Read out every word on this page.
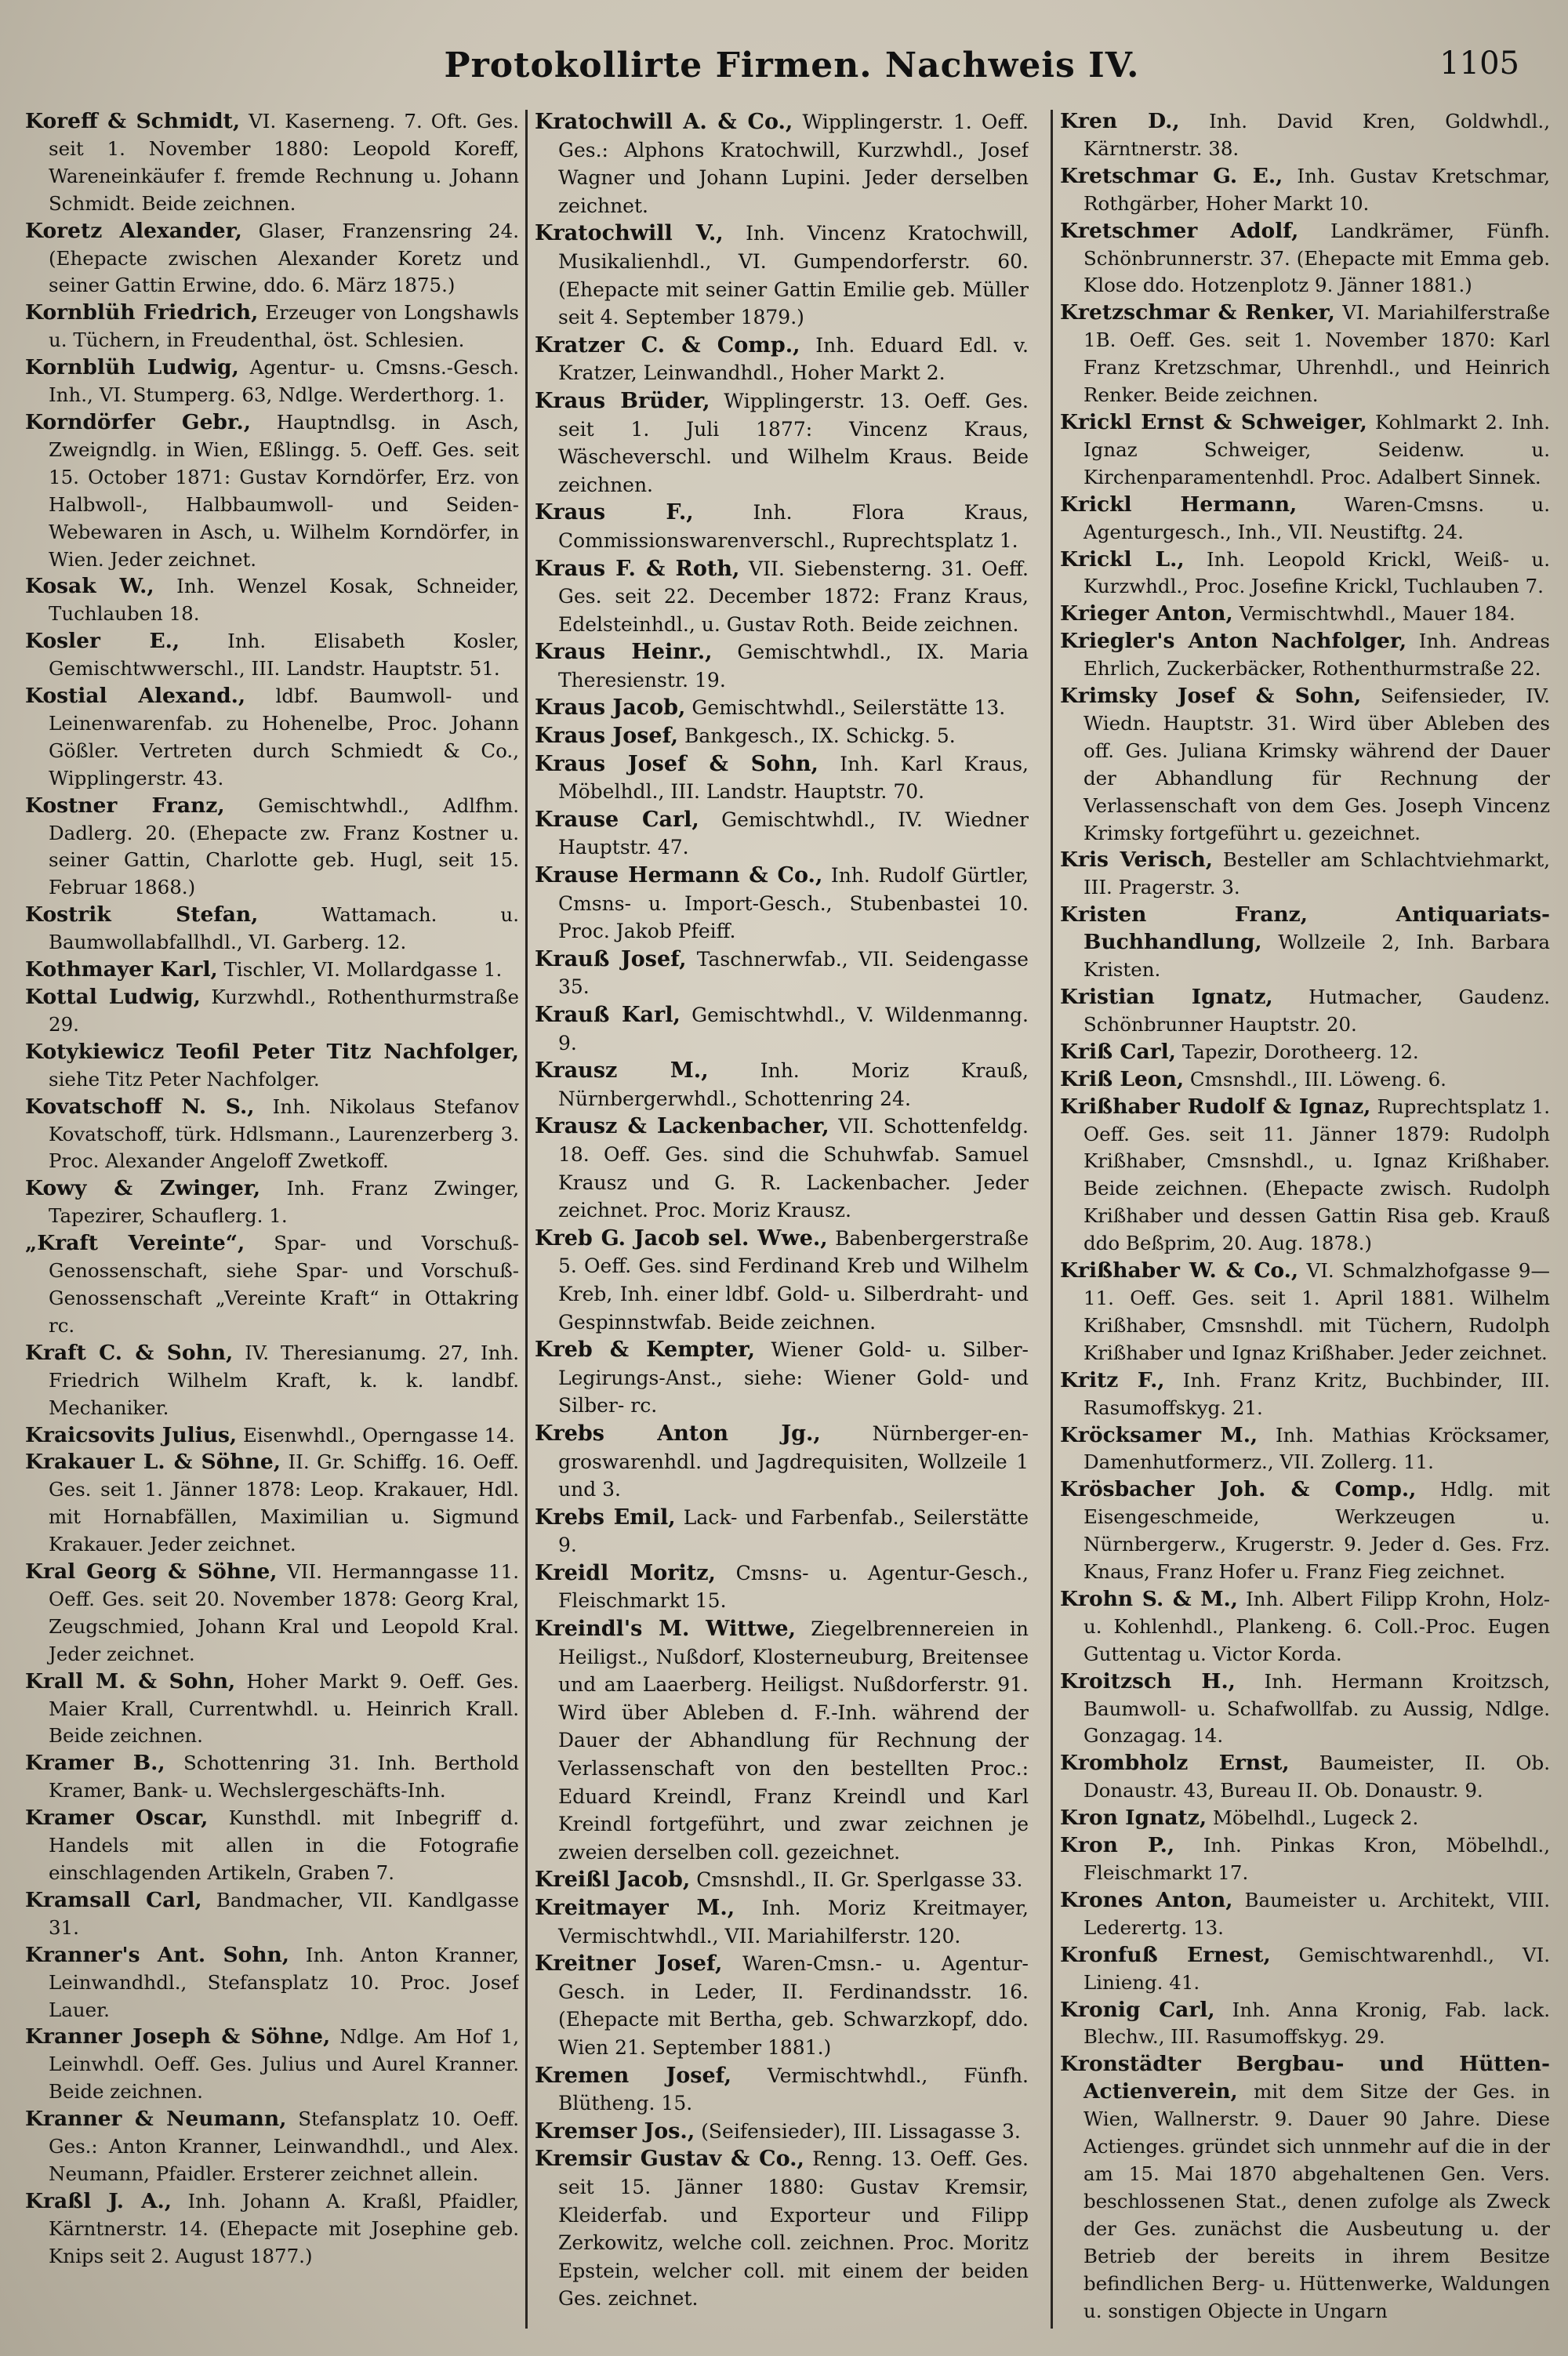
Protokollirte Firmen. Nachweis IV.	1105

Koreff & Schmidt, VI. Kaserneng. 7. Oft. Ges. seit 1. November 1880: Leopold Koreff, Wareneinkäufer f. fremde Rechnung u. Johann Schmidt. Beide zeichnen.

Koretz Alexander, Glaser, Franzensring 24. (Ehepacte zwischen Alexander Koretz und seiner Gattin Erwine, ddo. 6. März 1875.)

Kornblüh Friedrich, Erzeuger von Longshawls u. Tüchern, in Freudenthal, öst. Schlesien.

Kornblüh Ludwig, Agentur- u. Cmsns.-Gesch. Inh., VI. Stumperg. 63, Ndlge. Werderthorg. 1.

Korndörfer Gebr., Hauptndlsg. in Asch, Zweigndlg. in Wien, Eßlingg. 5. Oeff. Ges. seit 15. October 1871: Gustav Korndörfer, Erz. von Halbwoll-, Halbbaumwoll- und Seiden-Webewaren in Asch, u. Wilhelm Korndörfer, in Wien. Jeder zeichnet.

Kosak W., Inh. Wenzel Kosak, Schneider, Tuchlauben 18.

Kosler E., Inh. Elisabeth Kosler, Gemischtwwerschl., III. Landstr. Hauptstr. 51.

Kostial Alexand., ldbf. Baumwoll- und Leinenwarenfab. zu Hohenelbe, Proc. Johann Gößler. Vertreten durch Schmiedt & Co., Wipplingerstr. 43.

Kostner Franz, Gemischtwhdl., Adlfhm. Dadlerg. 20. (Ehepacte zw. Franz Kostner u. seiner Gattin, Charlotte geb. Hugl, seit 15. Februar 1868.)

Kostrik Stefan, Wattamach. u. Baumwollabfallhdl., VI. Garberg. 12.

Kothmayer Karl, Tischler, VI. Mollardgasse 1.

Kottal Ludwig, Kurzwhdl., Rothenthurmstraße 29.

Kotykiewicz Teofil Peter Titz Nachfolger, siehe Titz Peter Nachfolger.

Kovatschoff N. S., Inh. Nikolaus Stefanov Kovatschoff, türk. Hdlsmann., Laurenzerberg 3. Proc. Alexander Angeloff Zwetkoff.

Kowy & Zwinger, Inh. Franz Zwinger, Tapezirer, Schauflerg. 1.

„Kraft Vereinte“, Spar- und Vorschuß-Genossenschaft, siehe Spar- und Vorschuß-Genossenschaft „Vereinte Kraft“ in Ottakring rc.

Kraft C. & Sohn, IV. Theresianumg. 27, Inh. Friedrich Wilhelm Kraft, k. k. landbf. Mechaniker.

Kraicsovits Julius, Eisenwhdl., Operngasse 14.

Krakauer L. & Söhne, II. Gr. Schiffg. 16. Oeff. Ges. seit 1. Jänner 1878: Leop. Krakauer, Hdl. mit Hornabfällen, Maximilian u. Sigmund Krakauer. Jeder zeichnet.

Kral Georg & Söhne, VII. Hermanngasse 11. Oeff. Ges. seit 20. November 1878: Georg Kral, Zeugschmied, Johann Kral und Leopold Kral. Jeder zeichnet.

Krall M. & Sohn, Hoher Markt 9. Oeff. Ges. Maier Krall, Currentwhdl. u. Heinrich Krall. Beide zeichnen.

Kramer B., Schottenring 31. Inh. Berthold Kramer, Bank- u. Wechslergeschäfts-Inh.

Kramer Oscar, Kunsthdl. mit Inbegriff d. Handels mit allen in die Fotografie einschlagenden Artikeln, Graben 7.

Kramsall Carl, Bandmacher, VII. Kandlgasse 31.

Kranner's Ant. Sohn, Inh. Anton Kranner, Leinwandhdl., Stefansplatz 10. Proc. Josef Lauer.

Kranner Joseph & Söhne, Ndlge. Am Hof 1, Leinwhdl. Oeff. Ges. Julius und Aurel Kranner. Beide zeichnen.

Kranner & Neumann, Stefansplatz 10. Oeff. Ges.: Anton Kranner, Leinwandhdl., und Alex. Neumann, Pfaidler. Ersterer zeichnet allein.

Kraßl J. A., Inh. Johann A. Kraßl, Pfaidler, Kärntnerstr. 14. (Ehepacte mit Josephine geb. Knips seit 2. August 1877.)

Kratochwill A. & Co., Wipplingerstr. 1. Oeff. Ges.: Alphons Kratochwill, Kurzwhdl., Josef Wagner und Johann Lupini. Jeder derselben zeichnet.

Kratochwill V., Inh. Vincenz Kratochwill, Musikalienhdl., VI. Gumpendorferstr. 60. (Ehepacte mit seiner Gattin Emilie geb. Müller seit 4. September 1879.)

Kratzer C. & Comp., Inh. Eduard Edl. v. Kratzer, Leinwandhdl., Hoher Markt 2.

Kraus Brüder, Wipplingerstr. 13. Oeff. Ges. seit 1. Juli 1877: Vincenz Kraus, Wäscheverschl. und Wilhelm Kraus. Beide zeichnen.

Kraus F., Inh. Flora Kraus, Commissionswarenverschl., Ruprechtsplatz 1.

Kraus F. & Roth, VII. Siebensterng. 31. Oeff. Ges. seit 22. December 1872: Franz Kraus, Edelsteinhdl., u. Gustav Roth. Beide zeichnen.

Kraus Heinr., Gemischtwhdl., IX. Maria Theresienstr. 19.

Kraus Jacob, Gemischtwhdl., Seilerstätte 13.

Kraus Josef, Bankgesch., IX. Schickg. 5.

Kraus Josef & Sohn, Inh. Karl Kraus, Möbelhdl., III. Landstr. Hauptstr. 70.

Krause Carl, Gemischtwhdl., IV. Wiedner Hauptstr. 47.

Krause Hermann & Co., Inh. Rudolf Gürtler, Cmsns- u. Import-Gesch., Stubenbastei 10. Proc. Jakob Pfeiff.

Krauß Josef, Taschnerwfab., VII. Seidengasse 35.

Krauß Karl, Gemischtwhdl., V. Wildenmanng. 9.

Krausz M., Inh. Moriz Krauß, Nürnbergerwhdl., Schottenring 24.

Krausz & Lackenbacher, VII. Schottenfeldg. 18. Oeff. Ges. sind die Schuhwfab. Samuel Krausz und G. R. Lackenbacher. Jeder zeichnet. Proc. Moriz Krausz.

Kreb G. Jacob sel. Wwe., Babenbergerstraße 5. Oeff. Ges. sind Ferdinand Kreb und Wilhelm Kreb, Inh. einer ldbf. Gold- u. Silberdraht- und Gespinnstwfab. Beide zeichnen.

Kreb & Kempter, Wiener Gold- u. Silber-Legirungs-Anst., siehe: Wiener Gold- und Silber- rc.

Krebs Anton Jg., Nürnberger-en-groswarenhdl. und Jagdrequisiten, Wollzeile 1 und 3.

Krebs Emil, Lack- und Farbenfab., Seilerstätte 9.

Kreidl Moritz, Cmsns- u. Agentur-Gesch., Fleischmarkt 15.

Kreindl's M. Wittwe, Ziegelbrennereien in Heiligst., Nußdorf, Klosterneuburg, Breitensee und am Laaerberg. Heiligst. Nußdorferstr. 91. Wird über Ableben d. F.-Inh. während der Dauer der Abhandlung für Rechnung der Verlassenschaft von den bestellten Proc.: Eduard Kreindl, Franz Kreindl und Karl Kreindl fortgeführt, und zwar zeichnen je zweien derselben coll. gezeichnet.

Kreißl Jacob, Cmsnshdl., II. Gr. Sperlgasse 33.

Kreitmayer M., Inh. Moriz Kreitmayer, Vermischtwhdl., VII. Mariahilferstr. 120.

Kreitner Josef, Waren-Cmsn.- u. Agentur-Gesch. in Leder, II. Ferdinandsstr. 16. (Ehepacte mit Bertha, geb. Schwarzkopf, ddo. Wien 21. September 1881.)

Kremen Josef, Vermischtwhdl., Fünfh. Blütheng. 15.

Kremser Jos., (Seifensieder), III. Lissagasse 3.

Kremsir Gustav & Co., Renng. 13. Oeff. Ges. seit 15. Jänner 1880: Gustav Kremsir, Kleiderfab. und Exporteur und Filipp Zerkowitz, welche coll. zeichnen. Proc. Moritz Epstein, welcher coll. mit einem der beiden Ges. zeichnet.

Kren D., Inh. David Kren, Goldwhdl., Kärntnerstr. 38.

Kretschmar G. E., Inh. Gustav Kretschmar, Rothgärber, Hoher Markt 10.

Kretschmer Adolf, Landkrämer, Fünfh. Schönbrunnerstr. 37. (Ehepacte mit Emma geb. Klose ddo. Hotzenplotz 9. Jänner 1881.)

Kretzschmar & Renker, VI. Mariahilferstraße 1B. Oeff. Ges. seit 1. November 1870: Karl Franz Kretzschmar, Uhrenhdl., und Heinrich Renker. Beide zeichnen.

Krickl Ernst & Schweiger, Kohlmarkt 2. Inh. Ignaz Schweiger, Seidenw. u. Kirchenparamentenhdl. Proc. Adalbert Sinnek.

Krickl Hermann, Waren-Cmsns. u. Agenturgesch., Inh., VII. Neustiftg. 24.

Krickl L., Inh. Leopold Krickl, Weiß- u. Kurzwhdl., Proc. Josefine Krickl, Tuchlauben 7.

Krieger Anton, Vermischtwhdl., Mauer 184.

Kriegler's Anton Nachfolger, Inh. Andreas Ehrlich, Zuckerbäcker, Rothenthurmstraße 22.

Krimsky Josef & Sohn, Seifensieder, IV. Wiedn. Hauptstr. 31. Wird über Ableben des off. Ges. Juliana Krimsky während der Dauer der Abhandlung für Rechnung der Verlassenschaft von dem Ges. Joseph Vincenz Krimsky fortgeführt u. gezeichnet.

Kris Verisch, Besteller am Schlachtviehmarkt, III. Pragerstr. 3.

Kristen Franz, Antiquariats-Buchhandlung, Wollzeile 2, Inh. Barbara Kristen.

Kristian Ignatz, Hutmacher, Gaudenz. Schönbrunner Hauptstr. 20.

Kriß Carl, Tapezir, Dorotheerg. 12.

Kriß Leon, Cmsnshdl., III. Löweng. 6.

Krißhaber Rudolf & Ignaz, Ruprechtsplatz 1. Oeff. Ges. seit 11. Jänner 1879: Rudolph Krißhaber, Cmsnshdl., u. Ignaz Krißhaber. Beide zeichnen. (Ehepacte zwisch. Rudolph Krißhaber und dessen Gattin Risa geb. Krauß ddo Beßprim, 20. Aug. 1878.)

Krißhaber W. & Co., VI. Schmalzhofgasse 9—11. Oeff. Ges. seit 1. April 1881. Wilhelm Krißhaber, Cmsnshdl. mit Tüchern, Rudolph Krißhaber und Ignaz Krißhaber. Jeder zeichnet.

Kritz F., Inh. Franz Kritz, Buchbinder, III. Rasumoffskyg. 21.

Kröcksamer M., Inh. Mathias Kröcksamer, Damenhutformerz., VII. Zollerg. 11.

Krösbacher Joh. & Comp., Hdlg. mit Eisengeschmeide, Werkzeugen u. Nürnbergerw., Krugerstr. 9. Jeder d. Ges. Frz. Knaus, Franz Hofer u. Franz Fieg zeichnet.

Krohn S. & M., Inh. Albert Filipp Krohn, Holz- u. Kohlenhdl., Plankeng. 6. Coll.-Proc. Eugen Guttentag u. Victor Korda.

Kroitzsch H., Inh. Hermann Kroitzsch, Baumwoll- u. Schafwollfab. zu Aussig, Ndlge. Gonzagag. 14.

Krombholz Ernst, Baumeister, II. Ob. Donaustr. 43, Bureau II. Ob. Donaustr. 9.

Kron Ignatz, Möbelhdl., Lugeck 2.

Kron P., Inh. Pinkas Kron, Möbelhdl., Fleischmarkt 17.

Krones Anton, Baumeister u. Architekt, VIII. Lederertg. 13.

Kronfuß Ernest, Gemischtwarenhdl., VI. Linieng. 41.

Kronig Carl, Inh. Anna Kronig, Fab. lack. Blechw., III. Rasumoffskyg. 29.

Kronstädter Bergbau- und Hütten-Actienverein, mit dem Sitze der Ges. in Wien, Wallnerstr. 9. Dauer 90 Jahre. Diese Actienges. gründet sich unnmehr auf die in der am 15. Mai 1870 abgehaltenen Gen. Vers. beschlossenen Stat., denen zufolge als Zweck der Ges. zunächst die Ausbeutung u. der Betrieb der bereits in ihrem Besitze befindlichen Berg- u. Hüttenwerke, Waldungen u. sonstigen Objecte in Ungarn
